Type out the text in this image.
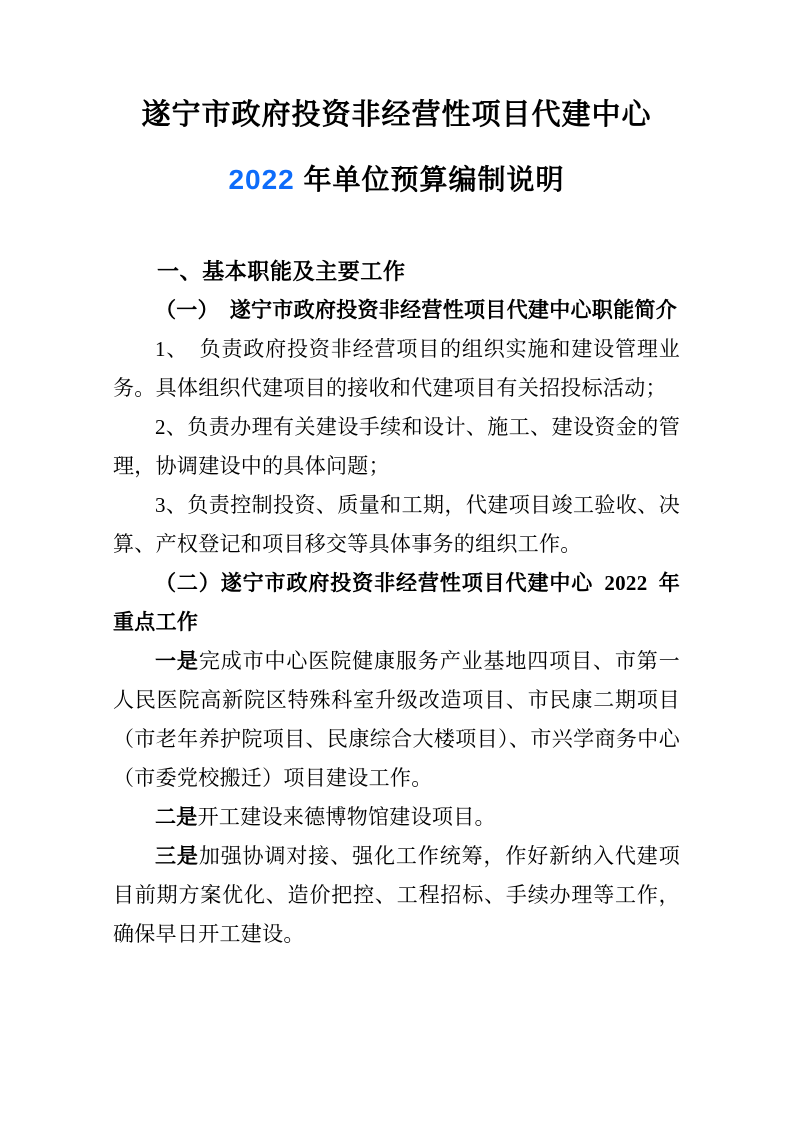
遂宁市政府投资非经营性项目代建中心
2022 年单位预算编制说明

一、基本职能及主要工作

（一）　遂宁市政府投资非经营性项目代建中心职能简介

1、　负责政府投资非经营项目的组织实施和建设管理业务。具体组织代建项目的接收和代建项目有关招投标活动；

2、负责办理有关建设手续和设计、施工、建设资金的管理，协调建设中的具体问题；

3、负责控制投资、质量和工期，代建项目竣工验收、决算、产权登记和项目移交等具体事务的组织工作。

（二）遂宁市政府投资非经营性项目代建中心 2022 年重点工作

一是完成市中心医院健康服务产业基地四项目、市第一人民医院高新院区特殊科室升级改造项目、市民康二期项目（市老年养护院项目、民康综合大楼项目）、市兴学商务中心（市委党校搬迁）项目建设工作。

二是开工建设来德博物馆建设项目。

三是加强协调对接、强化工作统筹，作好新纳入代建项目前期方案优化、造价把控、工程招标、手续办理等工作，确保早日开工建设。
